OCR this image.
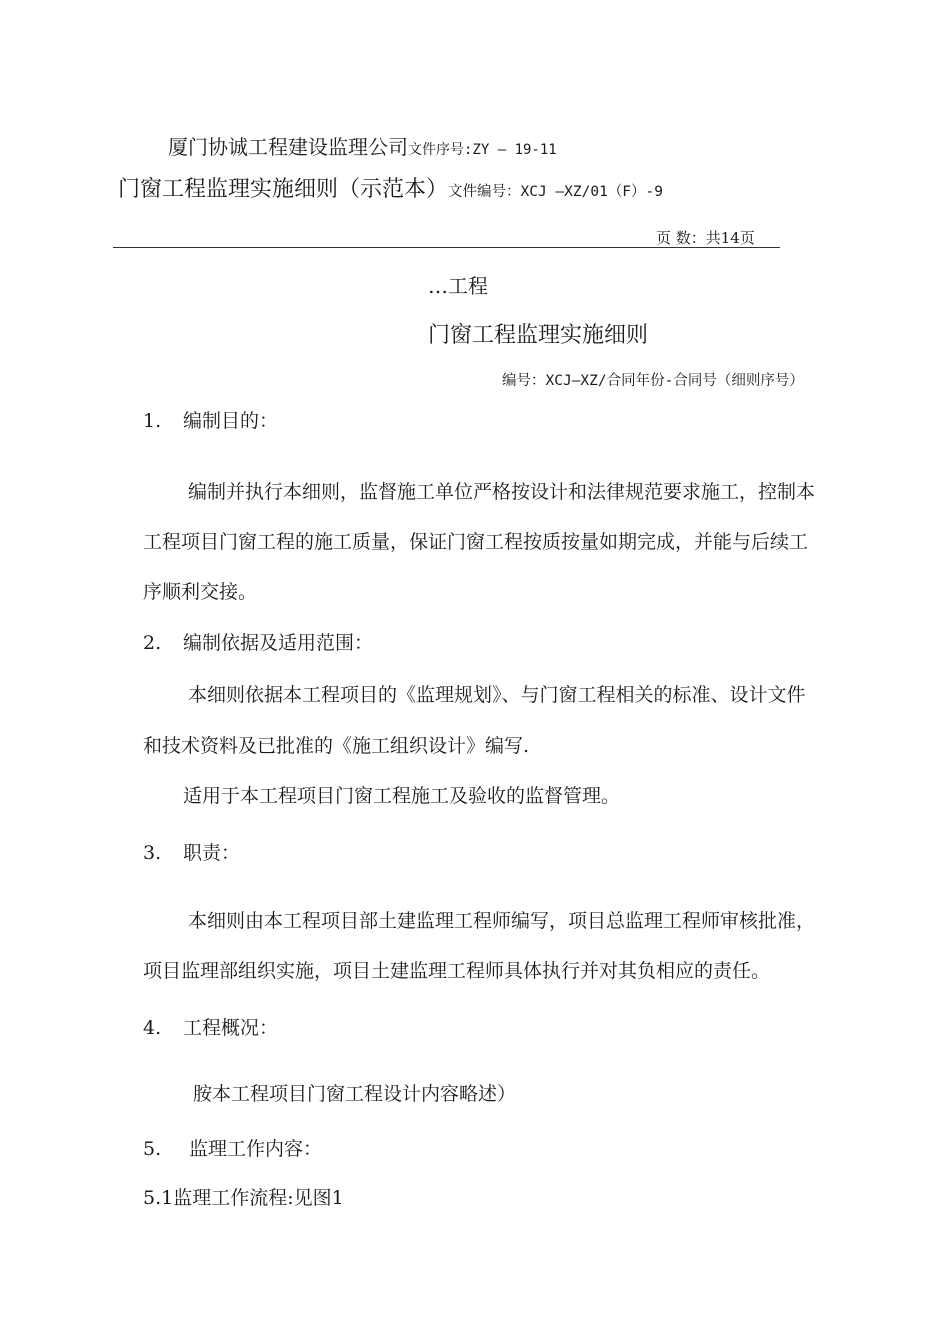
厦门协诚工程建设监理公司文件序号:ZY — 19-11
门窗工程监理实施细则（示范本）文件编号：XCJ —XZ/01（F）-9
页 数：共14页
…工程
门窗工程监理实施细则
编号：XCJ—XZ/合同年份-合同号（细则序号）
1. 编制目的：
编制并执行本细则，监督施工单位严格按设计和法律规范要求施工，控制本
工程项目门窗工程的施工质量，保证门窗工程按质按量如期完成，并能与后续工
序顺利交接。
2. 编制依据及适用范围：
本细则依据本工程项目的《监理规划》、与门窗工程相关的标准、设计文件
和技术资料及已批准的《施工组织设计》编写.
适用于本工程项目门窗工程施工及验收的监督管理。
3. 职责：
本细则由本工程项目部土建监理工程师编写，项目总监理工程师审核批准，
项目监理部组织实施，项目土建监理工程师具体执行并对其负相应的责任。
4. 工程概况：
胺本工程项目门窗工程设计内容略述）
5. 监理工作内容：
5.1监理工作流程:见图1
